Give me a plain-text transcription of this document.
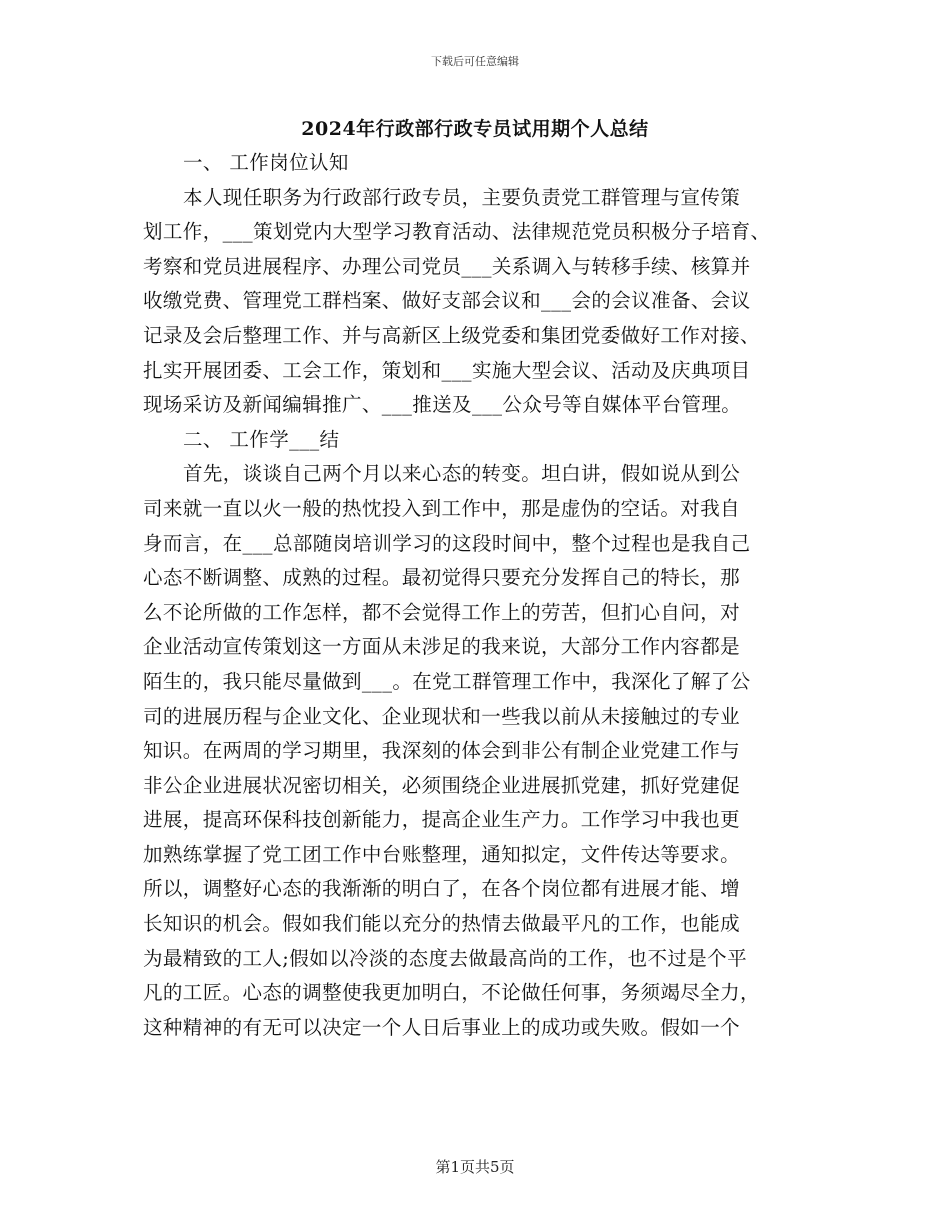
下载后可任意编辑
2024年行政部行政专员试用期个人总结
一、 工作岗位认知
本人现任职务为行政部行政专员，主要负责党工群管理与宣传策
划工作，___策划党内大型学习教育活动、法律规范党员积极分子培育、
考察和党员进展程序、办理公司党员___关系调入与转移手续、核算并
收缴党费、管理党工群档案、做好支部会议和___会的会议准备、会议
记录及会后整理工作、并与高新区上级党委和集团党委做好工作对接、
扎实开展团委、工会工作，策划和___实施大型会议、活动及庆典项目
现场采访及新闻编辑推广、___推送及___公众号等自媒体平台管理。
二、 工作学___结
首先，谈谈自己两个月以来心态的转变。坦白讲，假如说从到公
司来就一直以火一般的热忱投入到工作中，那是虚伪的空话。对我自
身而言，在___总部随岗培训学习的这段时间中，整个过程也是我自己
心态不断调整、成熟的过程。最初觉得只要充分发挥自己的特长，那
么不论所做的工作怎样，都不会觉得工作上的劳苦，但扪心自问，对
企业活动宣传策划这一方面从未涉足的我来说，大部分工作内容都是
陌生的，我只能尽量做到___。在党工群管理工作中，我深化了解了公
司的进展历程与企业文化、企业现状和一些我以前从未接触过的专业
知识。在两周的学习期里，我深刻的体会到非公有制企业党建工作与
非公企业进展状况密切相关，必须围绕企业进展抓党建，抓好党建促
进展，提高环保科技创新能力，提高企业生产力。工作学习中我也更
加熟练掌握了党工团工作中台账整理，通知拟定，文件传达等要求。
所以，调整好心态的我渐渐的明白了，在各个岗位都有进展才能、增
长知识的机会。假如我们能以充分的热情去做最平凡的工作，也能成
为最精致的工人;假如以冷淡的态度去做最高尚的工作，也不过是个平
凡的工匠。心态的调整使我更加明白，不论做任何事，务须竭尽全力，
这种精神的有无可以决定一个人日后事业上的成功或失败。假如一个
第1页共5页
